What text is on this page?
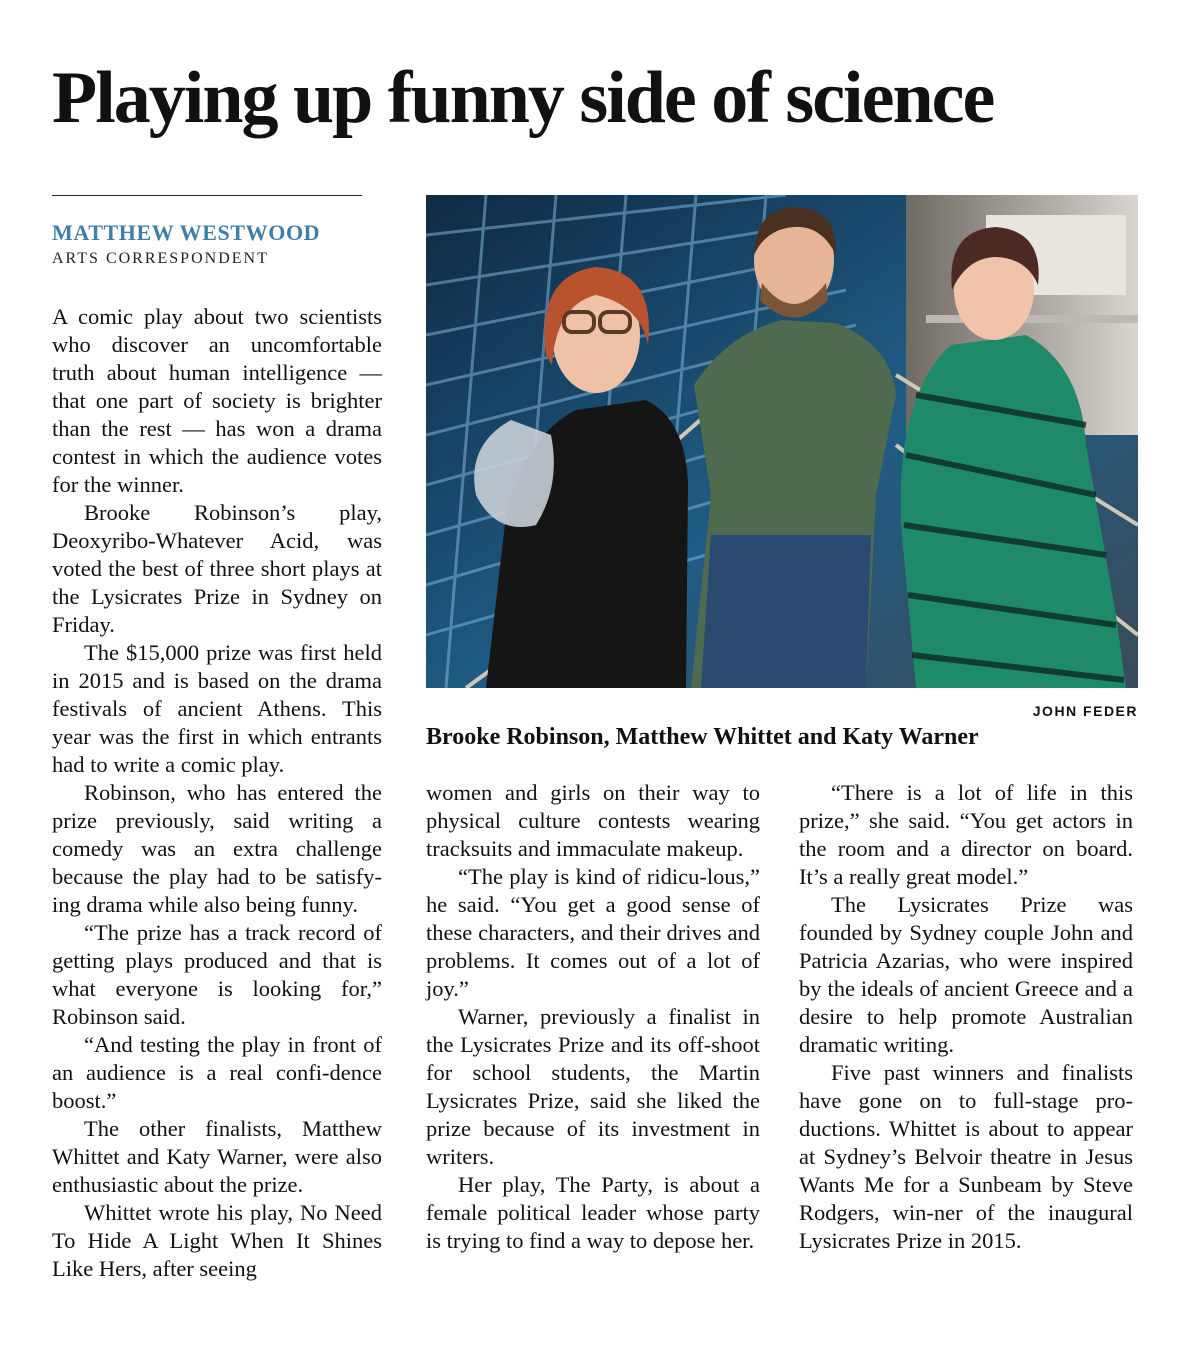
Playing up funny side of science
MATTHEW WESTWOOD
ARTS CORRESPONDENT

A comic play about two scientists who discover an uncomfortable truth about human intelligence — that one part of society is brighter than the rest — has won a drama contest in which the audience votes for the winner.

Brooke Robinson’s play, Deoxyribo-Whatever Acid, was voted the best of three short plays at the Lysicrates Prize in Sydney on Friday.

The $15,000 prize was first held in 2015 and is based on the drama festivals of ancient Athens. This year was the first in which entrants had to write a comic play.

Robinson, who has entered the prize previously, said writing a comedy was an extra challenge because the play had to be satisfy-ing drama while also being funny.

“The prize has a track record of getting plays produced and that is what everyone is looking for,” Robinson said.

“And testing the play in front of an audience is a real confi-dence boost.”

The other finalists, Matthew Whittet and Katy Warner, were also enthusiastic about the prize.

Whittet wrote his play, No Need To Hide A Light When It Shines Like Hers, after seeing

JOHN FEDER
Brooke Robinson, Matthew Whittet and Katy Warner

women and girls on their way to physical culture contests wearing tracksuits and immaculate makeup.

“The play is kind of ridicu-lous,” he said. “You get a good sense of these characters, and their drives and problems. It comes out of a lot of joy.”

Warner, previously a finalist in the Lysicrates Prize and its off-shoot for school students, the Martin Lysicrates Prize, said she liked the prize because of its investment in writers.

Her play, The Party, is about a female political leader whose party is trying to find a way to depose her.

“There is a lot of life in this prize,” she said. “You get actors in the room and a director on board. It’s a really great model.”

The Lysicrates Prize was founded by Sydney couple John and Patricia Azarias, who were inspired by the ideals of ancient Greece and a desire to help promote Australian dramatic writing.

Five past winners and finalists have gone on to full-stage pro-ductions. Whittet is about to appear at Sydney’s Belvoir theatre in Jesus Wants Me for a Sunbeam by Steve Rodgers, win-ner of the inaugural Lysicrates Prize in 2015.
